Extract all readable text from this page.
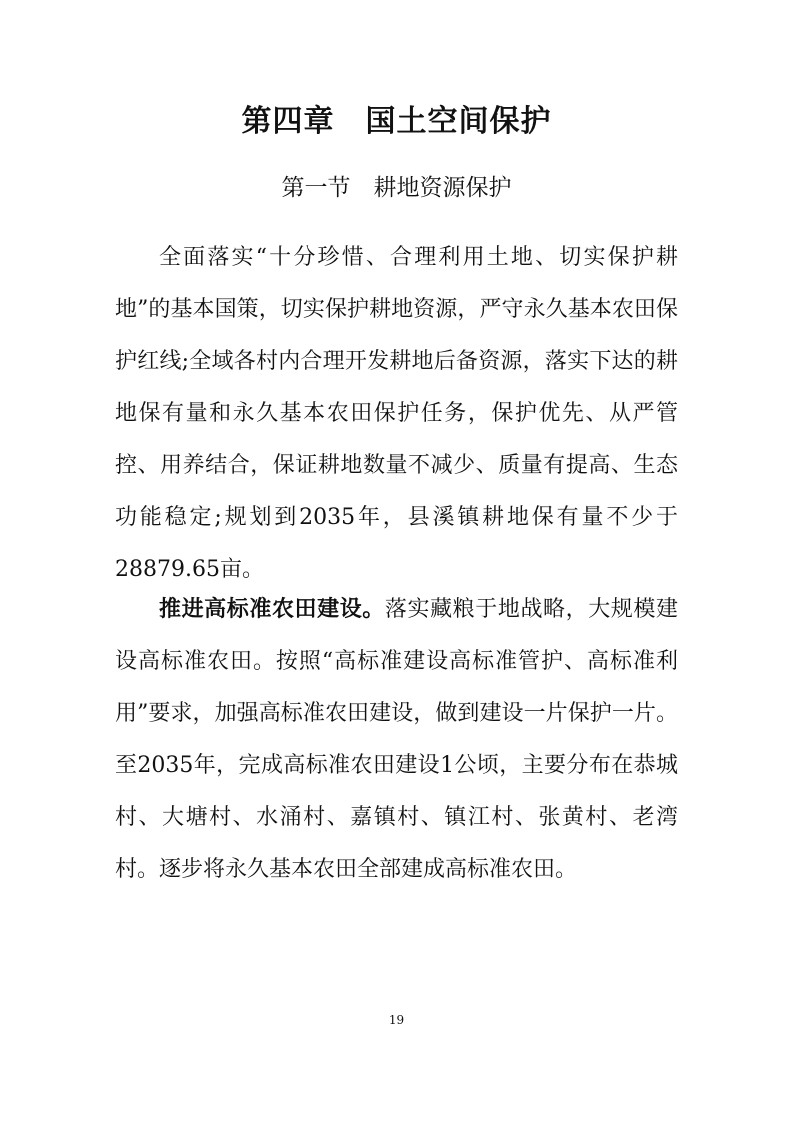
第四章　国土空间保护
第一节　耕地资源保护

全面落实“十分珍惜、合理利用土地、切实保护耕地”的基本国策，切实保护耕地资源，严守永久基本农田保护红线;全域各村内合理开发耕地后备资源，落实下达的耕地保有量和永久基本农田保护任务，保护优先、从严管控、用养结合，保证耕地数量不减少、质量有提高、生态功能稳定;规划到2035年，县溪镇耕地保有量不少于28879.65亩。

推进高标准农田建设。落实藏粮于地战略，大规模建设高标准农田。按照“高标准建设高标准管护、高标准利用”要求，加强高标准农田建设，做到建设一片保护一片。至2035年，完成高标准农田建设1公顷，主要分布在恭城村、大塘村、水涌村、嘉镇村、镇江村、张黄村、老湾村。逐步将永久基本农田全部建成高标准农田。

19
